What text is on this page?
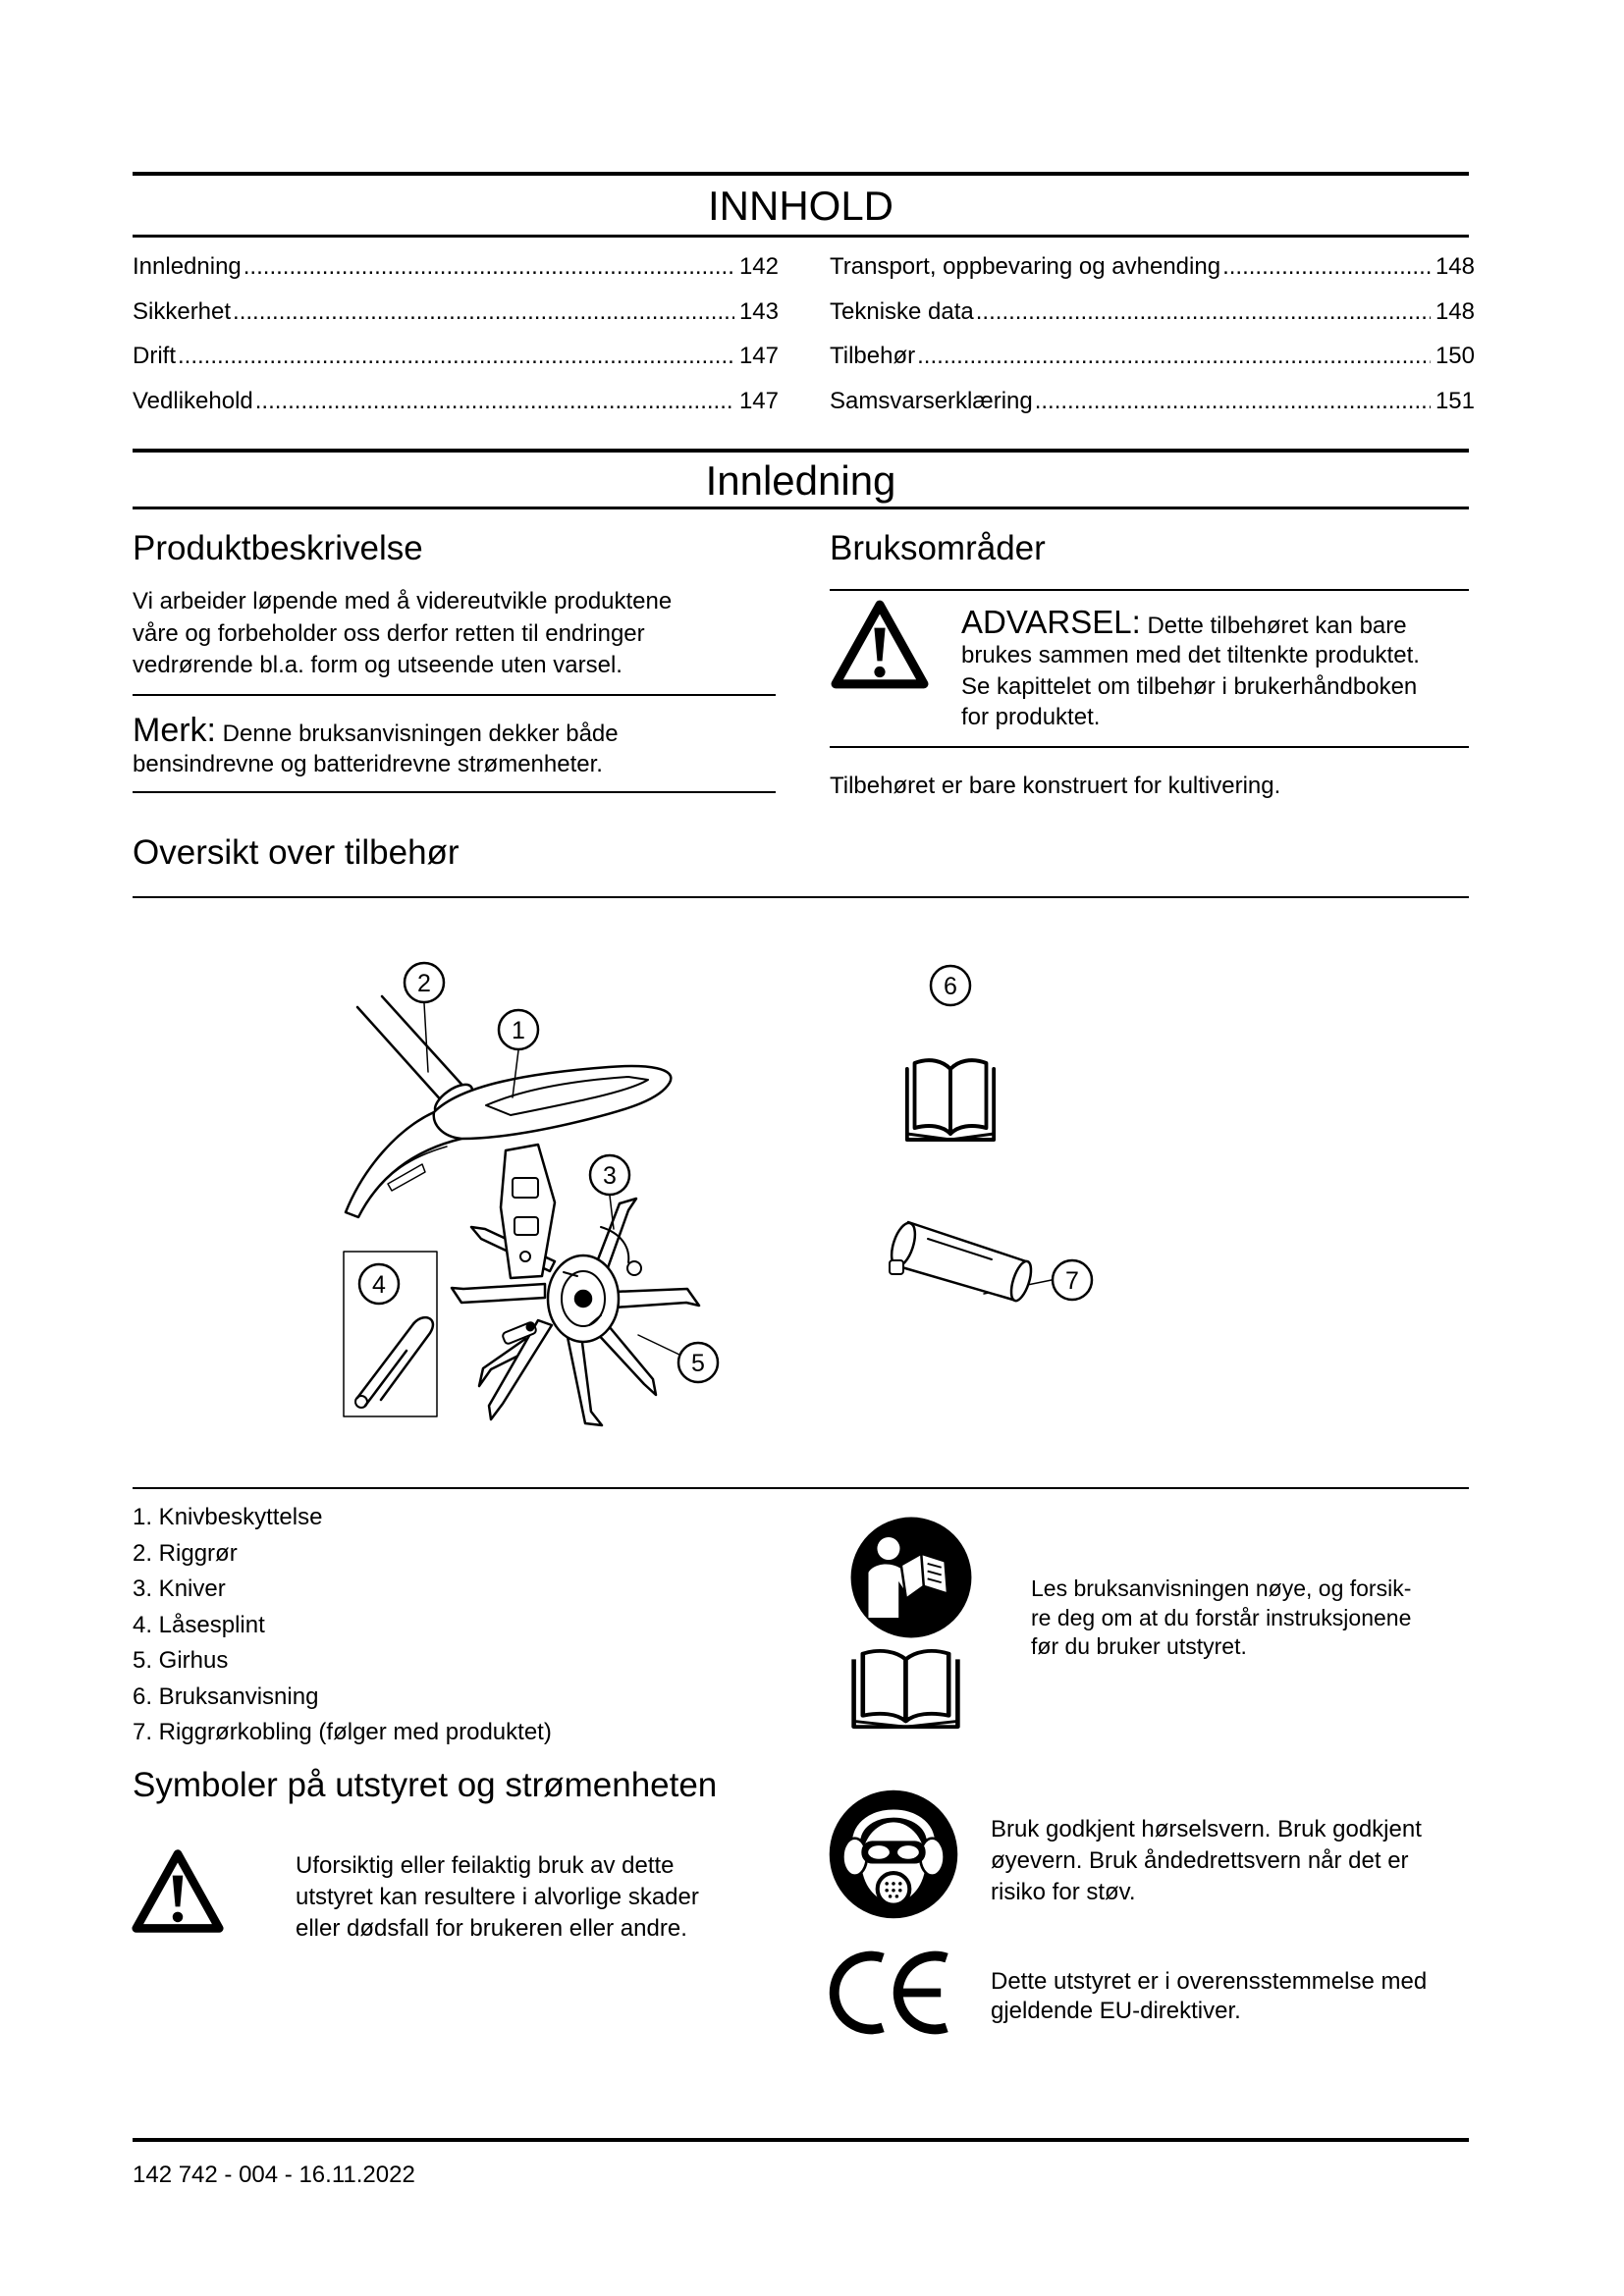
INNHOLD
Innledning .....	142
Sikkerhet .....	143
Drift .....	147
Vedlikehold .....	147
Transport, oppbevaring og avhending .....	148
Tekniske data .....	148
Tilbehør .....	150
Samsvarserklæring .....	151
Innledning
Produktbeskrivelse
Vi arbeider løpende med å videreutvikle produktene
våre og forbeholder oss derfor retten til endringer
vedrørende bl.a. form og utseende uten varsel.
Merk: Denne bruksanvisningen dekker både
bensindrevne og batteridrevne strømenheter.
Bruksområder
ADVARSEL: Dette tilbehøret kan bare
brukes sammen med det tiltenkte produktet.
Se kapittelet om tilbehør i brukerhåndboken
for produktet.
Tilbehøret er bare konstruert for kultivering.
Oversikt over tilbehør
1
2
3
4
5
6
7
1. Knivbeskyttelse
2. Riggrør
3. Kniver
4. Låsesplint
5. Girhus
6. Bruksanvisning
7. Riggrørkobling (følger med produktet)
Les bruksanvisningen nøye, og forsik-
re deg om at du forstår instruksjonene
før du bruker utstyret.
Symboler på utstyret og strømenheten
Uforsiktig eller feilaktig bruk av dette
utstyret kan resultere i alvorlige skader
eller dødsfall for brukeren eller andre.
Bruk godkjent hørselsvern. Bruk godkjent
øyevern. Bruk åndedrettsvern når det er
risiko for støv.
Dette utstyret er i overensstemmelse med
gjeldende EU-direktiver.
142 742 - 004 - 16.11.2022
